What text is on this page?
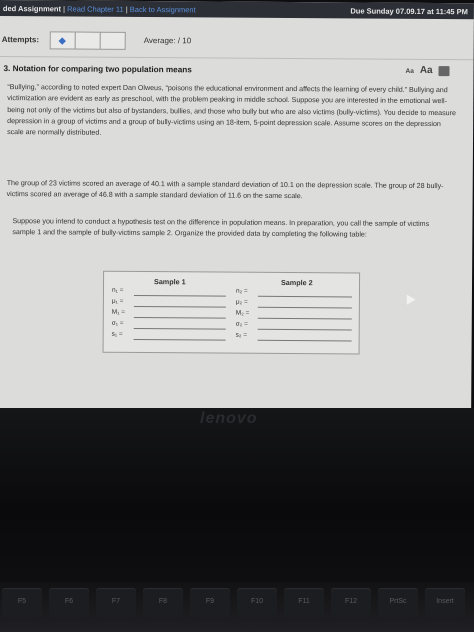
ded Assignment | Read Chapter 11 | Back to Assignment	Due Sunday 07.09.17 at 11:45 PM
Attempts: ◆	Average: / 10
3. Notation for comparing two population means	Aa Aa
“Bullying,” according to noted expert Dan Olweus, “poisons the educational environment and affects the learning of every child.” Bullying and victimization are evident as early as preschool, with the problem peaking in middle school. Suppose you are interested in the emotional well-being not only of the victims but also of bystanders, bullies, and those who bully but who are also victims (bully-victims). You decide to measure depression in a group of victims and a group of bully-victims using an 18-item, 5-point depression scale. Assume scores on the depression scale are normally distributed.
The group of 23 victims scored an average of 40.1 with a sample standard deviation of 10.1 on the depression scale. The group of 28 bully-victims scored an average of 46.8 with a sample standard deviation of 11.6 on the same scale.
Suppose you intend to conduct a hypothesis test on the difference in population means. In preparation, you call the sample of victims sample 1 and the sample of bully-victims sample 2. Organize the provided data by completing the following table:
Sample 1	Sample 2
n₁ =	n₂ =
μ₁ =	μ₂ =
M₁ =	M₂ =
σ₁ =	σ₂ =
s₁ =	s₂ =
lenovo
F5	F6	F7	F8	F9	F10	F11	F12	PrtSc	Insert
